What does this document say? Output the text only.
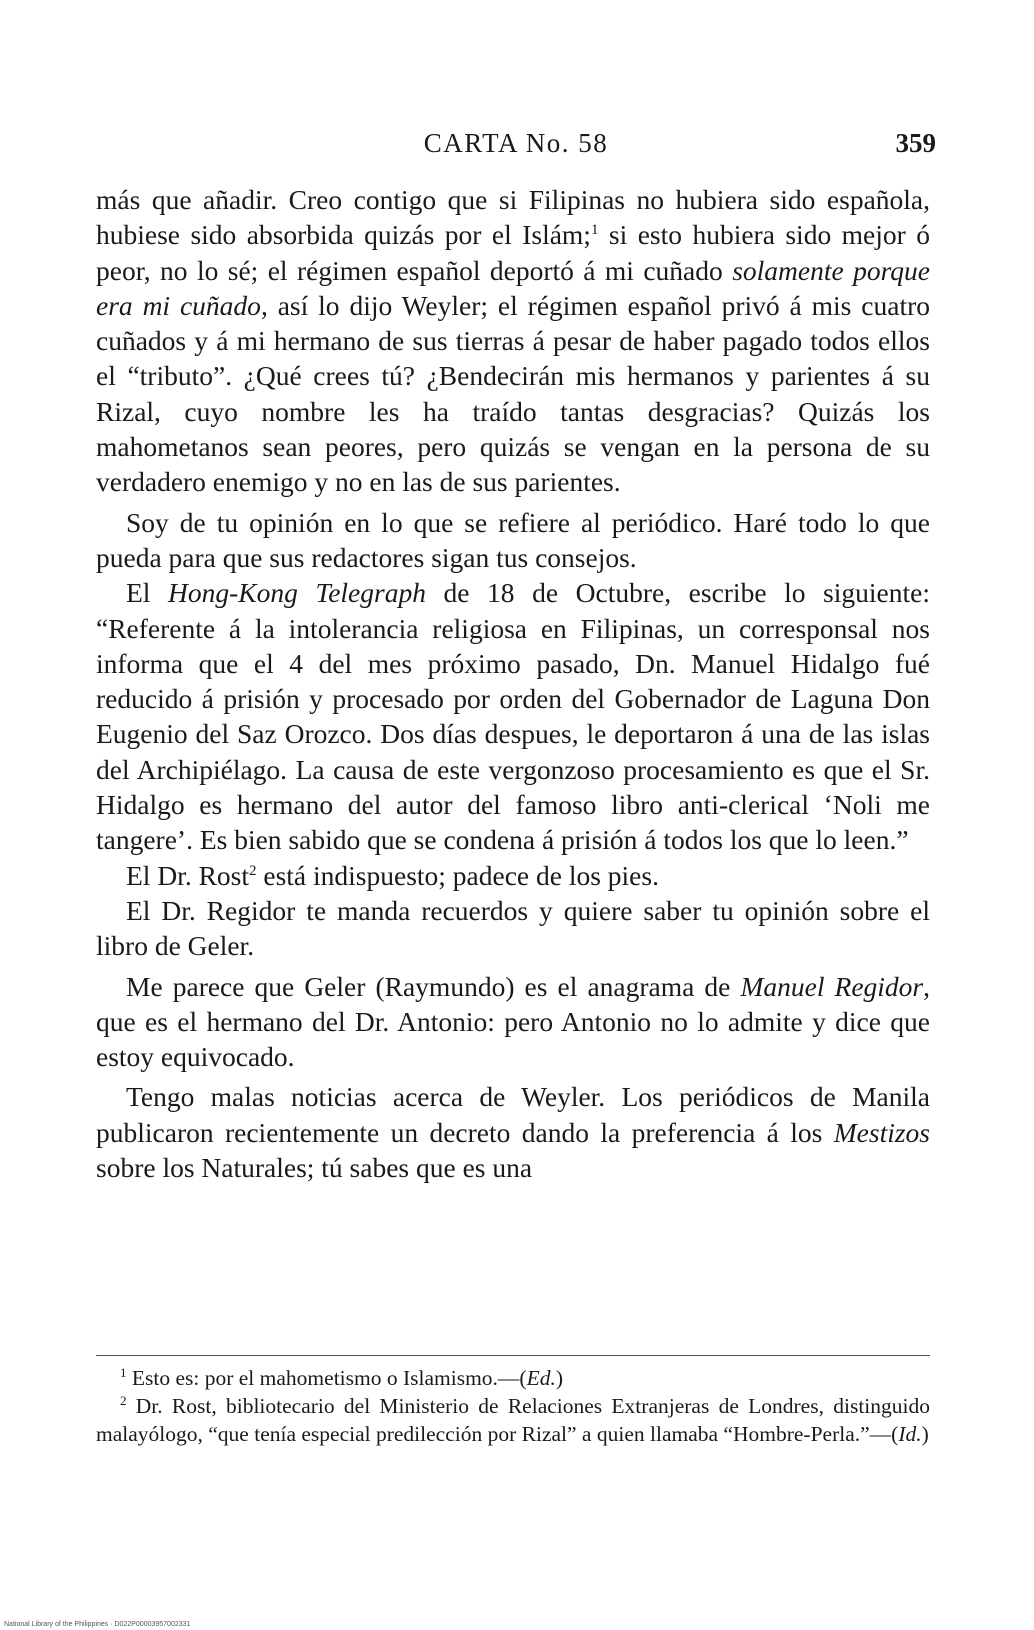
CARTA No. 58	359

más que añadir. Creo contigo que si Filipinas no hubiera sido española, hubiese sido absorbida quizás por el Islám;$^1$ si esto hubiera sido mejor ó peor, no lo sé; el régimen español deportó á mi cuñado solamente porque era mi cuñado, así lo dijo Weyler; el régimen español privó á mis cuatro cuñados y á mi hermano de sus tierras á pesar de haber pagado todos ellos el “tributo”. ¿Qué crees tú? ¿Bendecirán mis hermanos y parientes á su Rizal, cuyo nombre les ha traído tantas desgracias? Quizás los mahometanos sean peores, pero quizás se vengan en la persona de su verdadero enemigo y no en las de sus parientes.

Soy de tu opinión en lo que se refiere al periódico. Haré todo lo que pueda para que sus redactores sigan tus consejos.

El Hong-Kong Telegraph de 18 de Octubre, escribe lo siguiente: “Referente á la intolerancia religiosa en Filipinas, un corresponsal nos informa que el 4 del mes próximo pasado, Dn. Manuel Hidalgo fué reducido á prisión y procesado por orden del Gobernador de Laguna Don Eugenio del Saz Orozco. Dos días despues, le deportaron á una de las islas del Archipiélago. La causa de este vergonzoso procesamiento es que el Sr. Hidalgo es hermano del autor del famoso libro anti-clerical ‘Noli me tangere’. Es bien sabido que se condena á prisión á todos los que lo leen.”

El Dr. Rost$^2$ está indispuesto; padece de los pies.

El Dr. Regidor te manda recuerdos y quiere saber tu opinión sobre el libro de Geler.

Me parece que Geler (Raymundo) es el anagrama de Manuel Regidor, que es el hermano del Dr. Antonio: pero Antonio no lo admite y dice que estoy equivocado.

Tengo malas noticias acerca de Weyler. Los periódicos de Manila publicaron recientemente un decreto dando la preferencia á los Mestizos sobre los Naturales; tú sabes que es una

$^1$ Esto es: por el mahometismo o Islamismo.—(Ed.)

$^2$ Dr. Rost, bibliotecario del Ministerio de Relaciones Extranjeras de Londres, distinguido malayólogo, “que tenía especial predilección por Rizal” a quien llamaba “Hombre-Perla.”—(Id.)

National Library of the Philippines · D022P00003957002331
